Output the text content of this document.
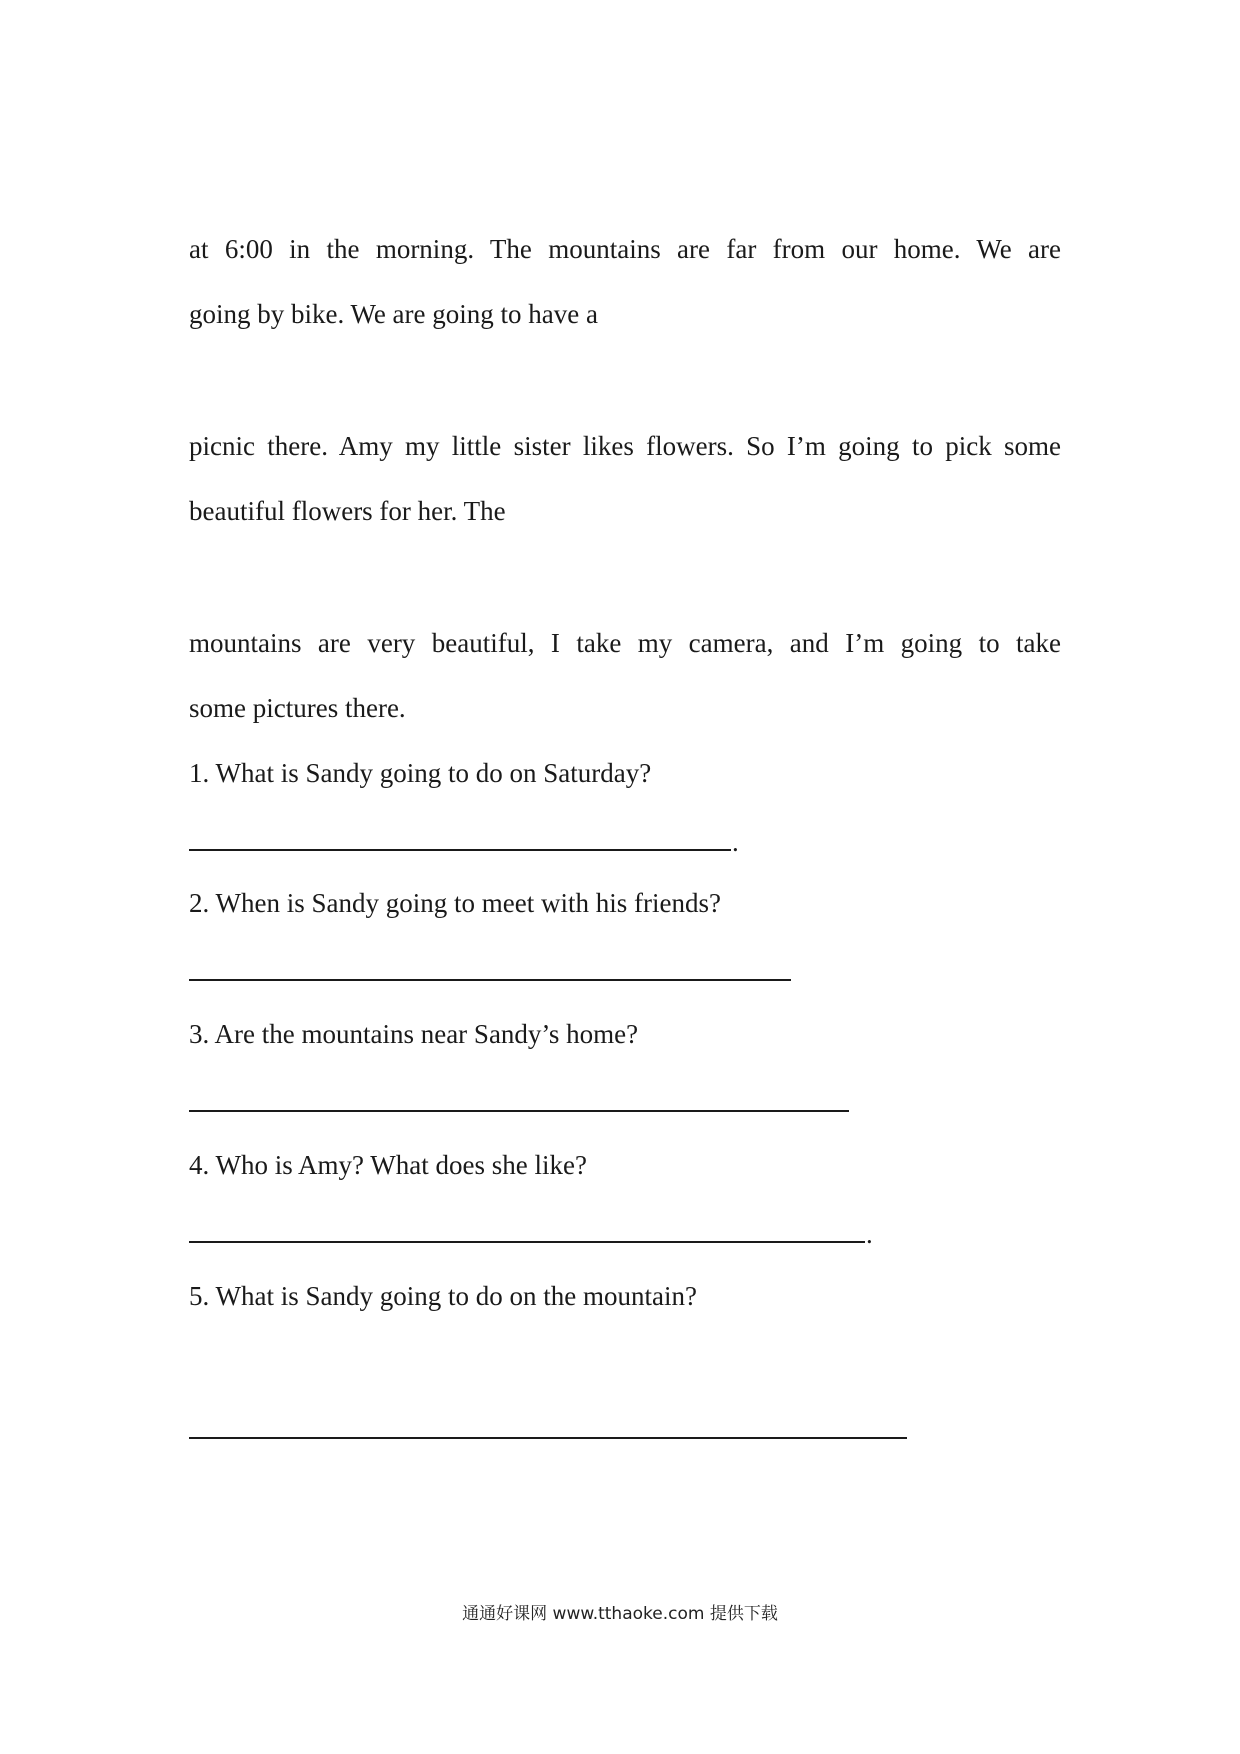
at 6:00 in the morning. The mountains are far from our home. We are
going by bike. We are going to have a
picnic there. Amy my little sister likes flowers. So I’m going to pick some
beautiful flowers for her. The
mountains are very beautiful, I take my camera, and I’m going to take
some pictures there.
1. What is Sandy going to do on Saturday?
.
2. When is Sandy going to meet with his friends?
3. Are the mountains near Sandy’s home?
4. Who is Amy? What does she like?
.
5. What is Sandy going to do on the mountain?
通通好课网 www.tthaoke.com 提供下载
